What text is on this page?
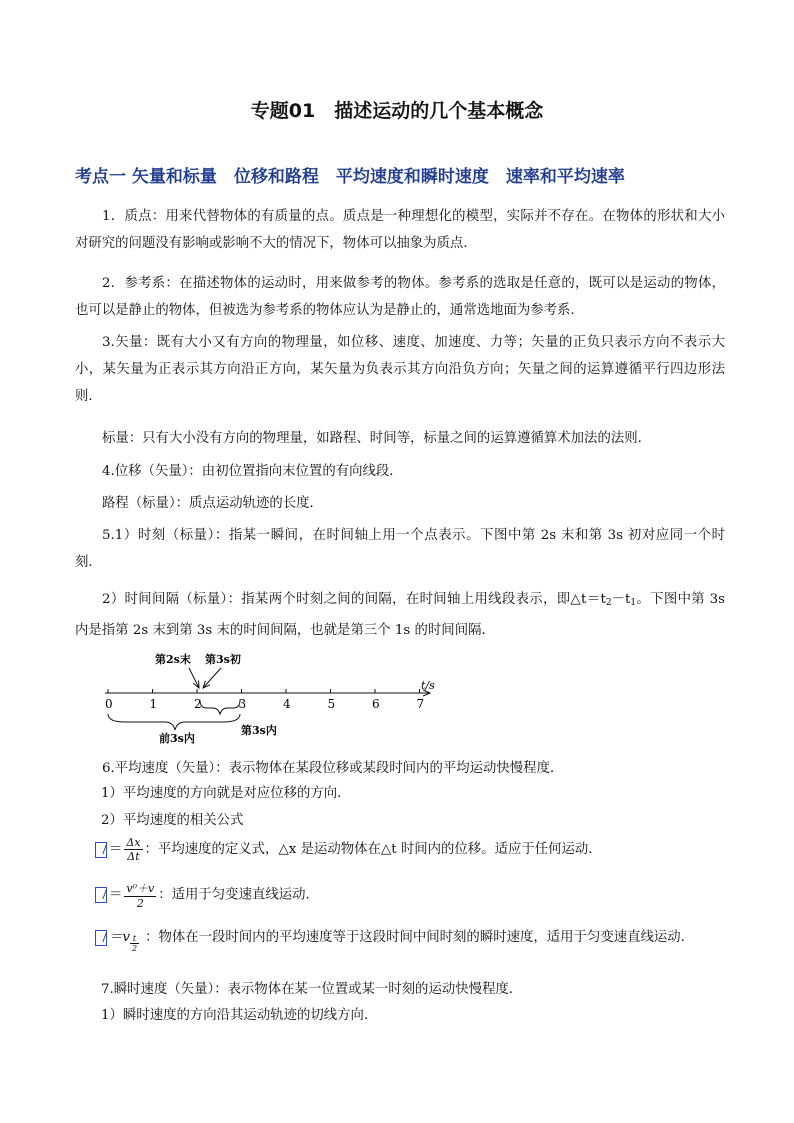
专题01　描述运动的几个基本概念
考点一 矢量和标量　位移和路程　平均速度和瞬时速度　速率和平均速率
1．质点：用来代替物体的有质量的点。质点是一种理想化的模型，实际并不存在。在物体的形状和大小对研究的问题没有影响或影响不大的情况下，物体可以抽象为质点．
2．参考系：在描述物体的运动时，用来做参考的物体。参考系的选取是任意的，既可以是运动的物体，也可以是静止的物体，但被选为参考系的物体应认为是静止的，通常选地面为参考系．
3.矢量：既有大小又有方向的物理量，如位移、速度、加速度、力等；矢量的正负只表示方向不表示大小，某矢量为正表示其方向沿正方向，某矢量为负表示其方向沿负方向；矢量之间的运算遵循平行四边形法则．
标量：只有大小没有方向的物理量，如路程、时间等，标量之间的运算遵循算术加法的法则．
4.位移（矢量）：由初位置指向末位置的有向线段．
路程（标量）：质点运动轨迹的长度．
5.1）时刻（标量）：指某一瞬间，在时间轴上用一个点表示。下图中第 2s 末和第 3s 初对应同一个时刻．
2）时间间隔（标量）：指某两个时刻之间的间隔，在时间轴上用线段表示，即$\triangle t=t_2-t_1$。下图中第 3s 内是指第 2s 末到第 3s 末的时间间隔，也就是第三个 1s 的时间间隔．
0	1	2	3	4	5	6	7
t/s
第2s末 第3s初
前3s内
第3s内
6.平均速度（矢量）：表示物体在某段位移或某段时间内的平均运动快慢程度．
1）平均速度的方向就是对应位移的方向．
2）平均速度的相关公式
＝ $\frac{\Delta x}{\Delta t}$ ：平均速度的定义式，△x 是运动物体在△t 时间内的位移。适应于任何运动．
＝ $\frac{\text{v⁰＋v}}{2}$ ：适用于匀变速直线运动．
$=v \frac{t}{2}$ ：物体在一段时间内的平均速度等于这段时间中间时刻的瞬时速度，适用于匀变速直线运动．
7.瞬时速度（矢量）：表示物体在某一位置或某一时刻的运动快慢程度．
1）瞬时速度的方向沿其运动轨迹的切线方向．
